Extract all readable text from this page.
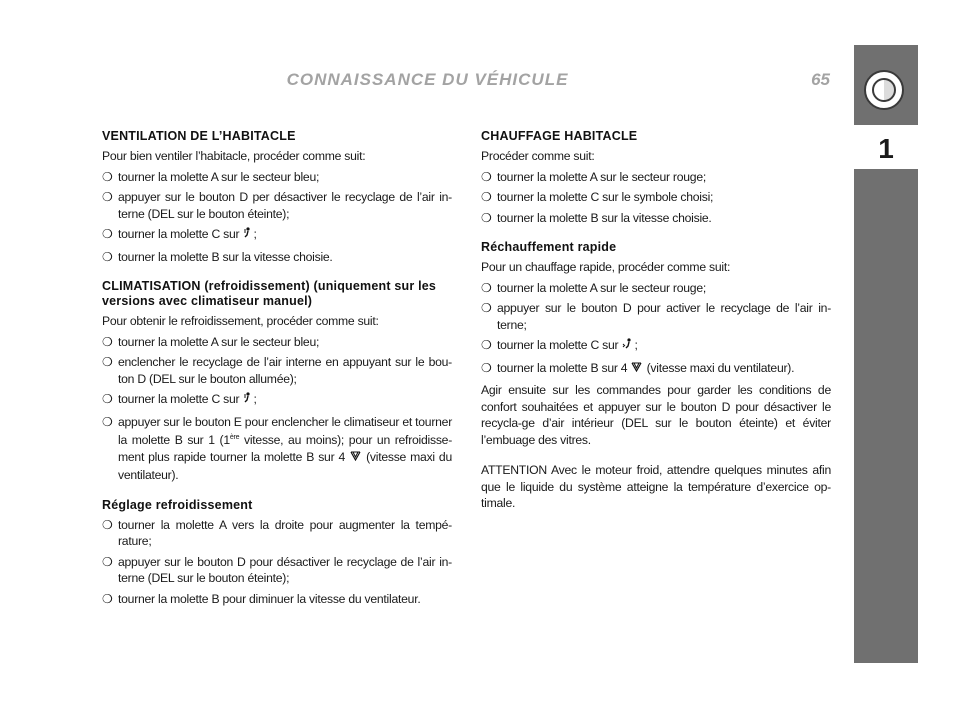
CONNAISSANCE DU VÉHICULE	65
1
VENTILATION DE L’HABITACLE
Pour bien ventiler l’habitacle, procéder comme suit:
❍ tourner la molette A sur le secteur bleu;
❍ appuyer sur le bouton D per désactiver le recyclage de l’air in-terne (DEL sur le bouton éteinte);
❍ tourner la molette C sur ;
❍ tourner la molette B sur la vitesse choisie.
CLIMATISATION (refroidissement) (uniquement sur les versions avec climatiseur manuel)
Pour obtenir le refroidissement, procéder comme suit:
❍ tourner la molette A sur le secteur bleu;
❍ enclencher le recyclage de l’air interne en appuyant sur le bou-ton D (DEL sur le bouton allumée);
❍ tourner la molette C sur ;
❍ appuyer sur le bouton E pour enclencher le climatiseur et tourner la molette B sur 1 (1ère vitesse, au moins); pour un refroidisse-ment plus rapide tourner la molette B sur 4  (vitesse maxi du ventilateur).
Réglage refroidissement
❍ tourner la molette A vers la droite pour augmenter la tempé-rature;
❍ appuyer sur le bouton D pour désactiver le recyclage de l’air in-terne (DEL sur le bouton éteinte);
❍ tourner la molette B pour diminuer la vitesse du ventilateur.
CHAUFFAGE HABITACLE
Procéder comme suit:
❍ tourner la molette A sur le secteur rouge;
❍ tourner la molette C sur le symbole choisi;
❍ tourner la molette B sur la vitesse choisie.
Réchauffement rapide
Pour un chauffage rapide, procéder comme suit:
❍ tourner la molette A sur le secteur rouge;
❍ appuyer sur le bouton D pour activer le recyclage de l’air in-terne;
❍ tourner la molette C sur ;
❍ tourner la molette B sur 4  (vitesse maxi du ventilateur).
Agir ensuite sur les commandes pour garder les conditions de confort souhaitées et appuyer sur le bouton D pour désactiver le recycla-ge d’air intérieur (DEL sur le bouton éteinte) et éviter l’embuage des vitres.
ATTENTION Avec le moteur froid, attendre quelques minutes afin que le liquide du système atteigne la température d’exercice op-timale.
